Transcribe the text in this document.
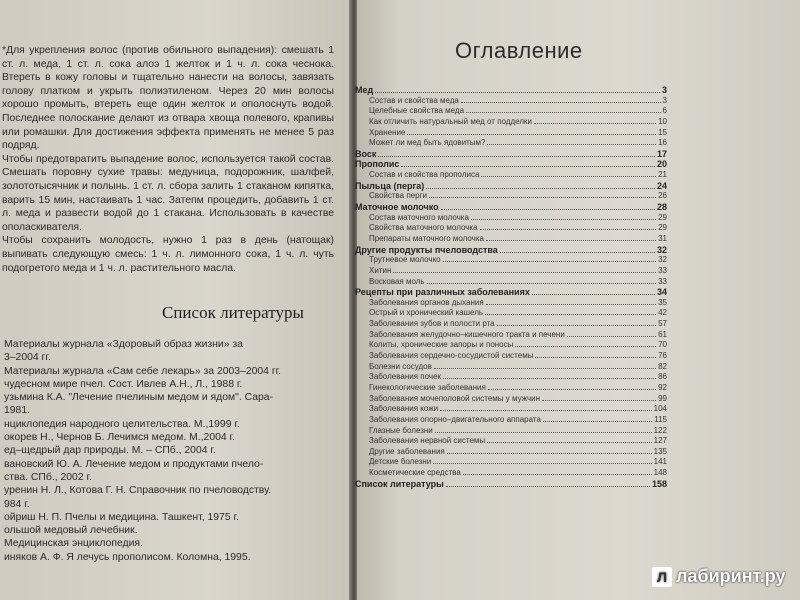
*Для укрепления волос (против обильного выпадения): смешать 1 ст. л. меда, 1 ст. л. сока алоэ 1 желток и 1 ч. л. сока чеснока. Втереть в кожу головы и тщательно нанести на волосы, завязать голову платком и укрыть полиэтиленом. Через 20 мин волосы хорошо промыть, втереть еще один желток и ополоснуть водой. Последнее полоскание делают из отвара хвоща полевого, крапивы или ромашки. Для достижения эффекта применять не менее 5 раз подряд.

Чтобы предотвратить выпадение волос, используется такой состав. Смешать поровну сухие травы: медуница, подорожник, шалфей, золототысячник и полынь. 1 ст. л. сбора залить 1 стаканом кипятка, варить 15 мин, настаивать 1 час. Затепм процедить, добавить 1 ст. л. меда и развести водой до 1 стакана. Использовать в качестве ополаскивателя.

Чтобы сохранить молодость, нужно 1 раз в день (натощак) выпивать следующую смесь: 1 ч. л. лимонного сока, 1 ч. л. чуть подогретого меда и 1 ч. л. растительного масла.

Список литературы
Материалы журнала «Здоровый образ жизни» за
3–2004 гг.
Материалы журнала «Сам себе лекарь» за 2003–2004 гг.
чудесном мире пчел. Сост. Ивлев А.Н., Л., 1988 г.
узьмина К.А. "Лечение пчелиным медом и ядом". Сара-
1981.
нциклопедия народного целительства. М.,1999 г.
окорев Н., Чернов Б. Лечимся медом. М.,2004 г.
ед–щедрый дар природы. М. – СПб., 2004 г.
вановский Ю. А. Лечение медом и продуктами пчело-
ства. СПб., 2002 г.
уренин Н. Л., Котова Г. Н. Справочник по пчеловодству.
984 г.
ойриш Н. П. Пчелы и медицина. Ташкент, 1975 г.
ольшой медовый лечебник.
Медицинская энциклопедия.
иняков А. Ф. Я лечусь прополисом. Коломна, 1995.
Оглавление
Мед	3
Состав и свойства меда	3
Целебные свойства меда	6
Как отличить натуральный мед от подделки	10
Хранение	15
Может ли мед быть ядовитым?	16
Воск	17
Прополис	20
Состав и свойства прополиса	21
Пыльца (перга)	24
Свойства перги	26
Маточное молочко	28
Состав маточного молочка	29
Свойства маточного молочка	29
Препараты маточного молочка	31
Другие продукты пчеловодства	32
Трутневое молочко	32
Хитин	33
Восковая моль	33
Рецепты при различных заболеваниях	34
Заболевания органов дыхания	35
Острый и хронический кашель	42
Заболевания зубов и полости рта	57
Заболевания желудочно–кишечного тракта и печени	61
Колиты, хронические запоры и поносы	70
Заболевания сердечно-сосудистой системы	76
Болезни сосудов	82
Заболевания почек	86
Гинекологические заболевания	92
Заболевания мочеполовой системы у мужчин	99
Заболевания кожи	104
Заболевания опорно–двигательного аппарата	115
Глазные болезни	122
Заболевания нервной системы	127
Другие заболевания	135
Детские болезни	141
Косметические средства	148
Список литературы	158
Л лабиринт.ру
